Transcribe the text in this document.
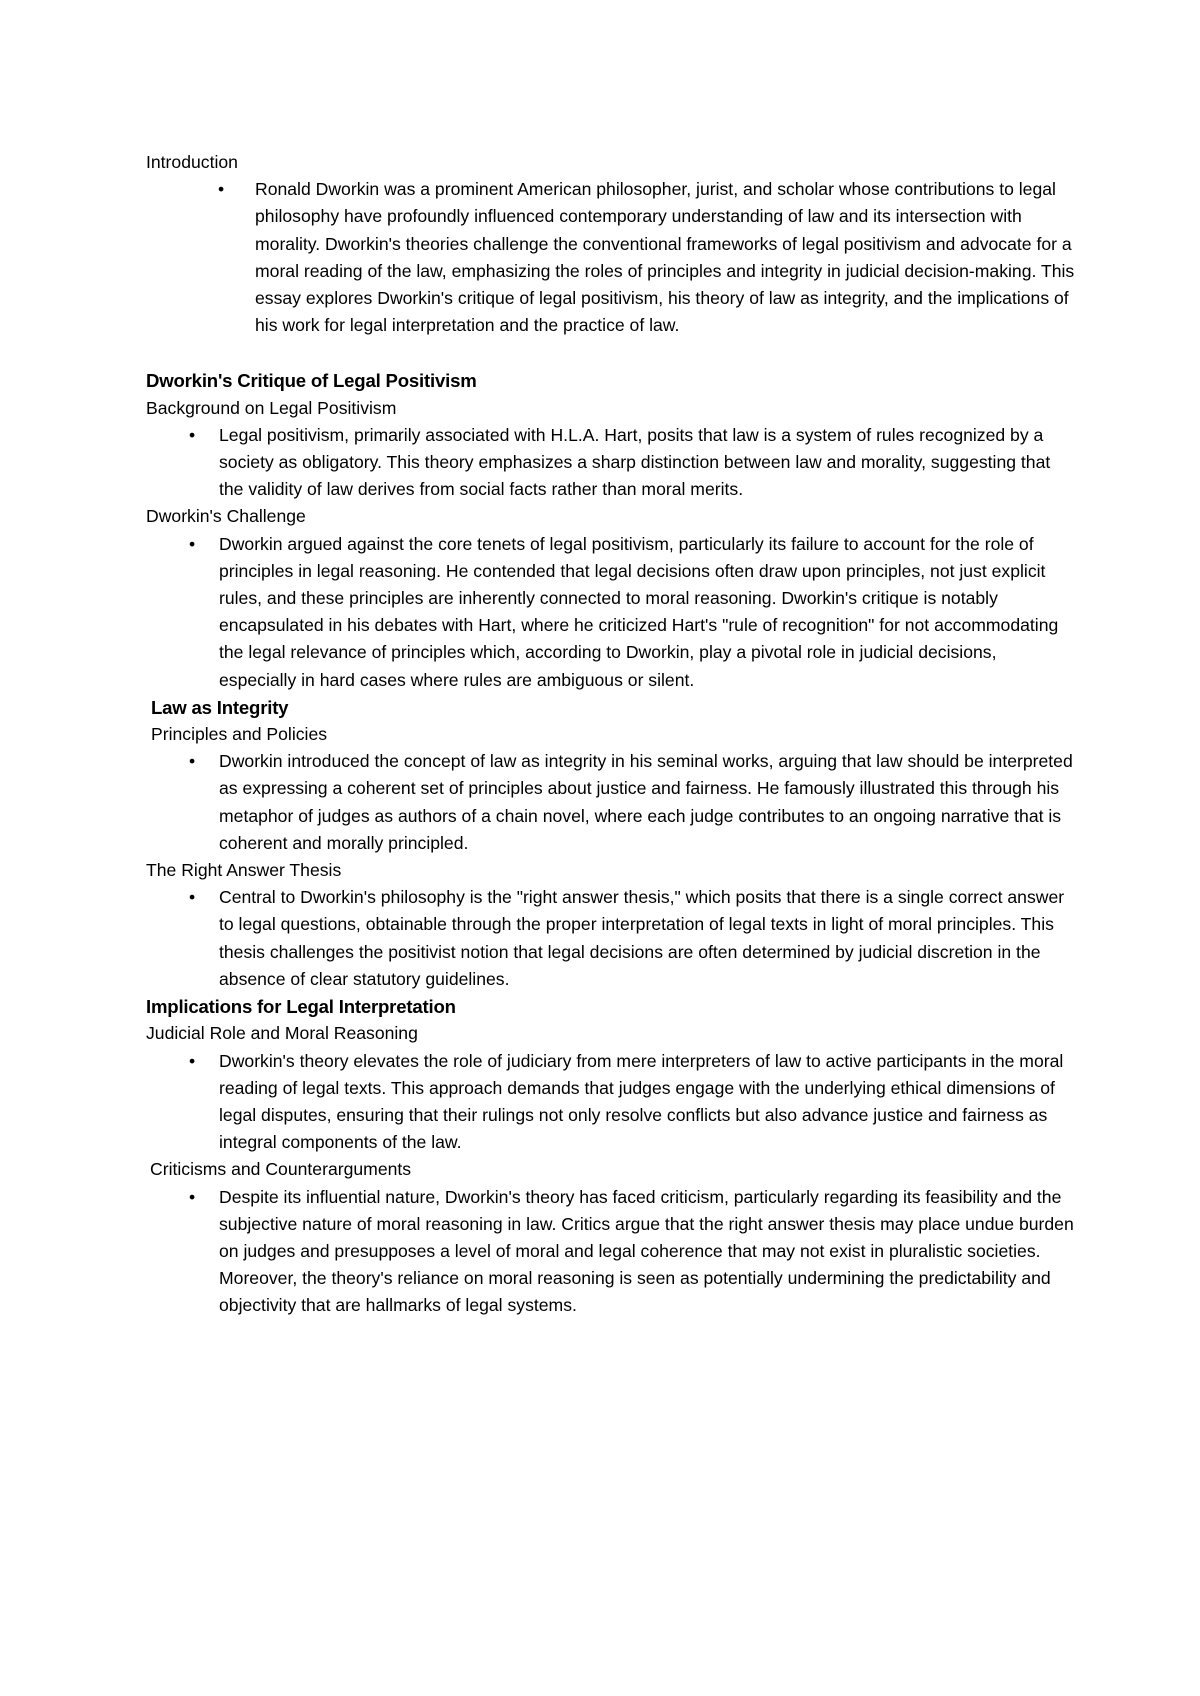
Introduction
• Ronald Dworkin was a prominent American philosopher, jurist, and scholar whose contributions to legal philosophy have profoundly influenced contemporary understanding of law and its intersection with morality. Dworkin's theories challenge the conventional frameworks of legal positivism and advocate for a moral reading of the law, emphasizing the roles of principles and integrity in judicial decision-making. This essay explores Dworkin's critique of legal positivism, his theory of law as integrity, and the implications of his work for legal interpretation and the practice of law.
Dworkin's Critique of Legal Positivism
Background on Legal Positivism
• Legal positivism, primarily associated with H.L.A. Hart, posits that law is a system of rules recognized by a society as obligatory. This theory emphasizes a sharp distinction between law and morality, suggesting that the validity of law derives from social facts rather than moral merits.
Dworkin's Challenge
• Dworkin argued against the core tenets of legal positivism, particularly its failure to account for the role of principles in legal reasoning. He contended that legal decisions often draw upon principles, not just explicit rules, and these principles are inherently connected to moral reasoning. Dworkin's critique is notably encapsulated in his debates with Hart, where he criticized Hart's "rule of recognition" for not accommodating the legal relevance of principles which, according to Dworkin, play a pivotal role in judicial decisions, especially in hard cases where rules are ambiguous or silent.
Law as Integrity
Principles and Policies
• Dworkin introduced the concept of law as integrity in his seminal works, arguing that law should be interpreted as expressing a coherent set of principles about justice and fairness. He famously illustrated this through his metaphor of judges as authors of a chain novel, where each judge contributes to an ongoing narrative that is coherent and morally principled.
The Right Answer Thesis
• Central to Dworkin's philosophy is the "right answer thesis," which posits that there is a single correct answer to legal questions, obtainable through the proper interpretation of legal texts in light of moral principles. This thesis challenges the positivist notion that legal decisions are often determined by judicial discretion in the absence of clear statutory guidelines.
Implications for Legal Interpretation
Judicial Role and Moral Reasoning
• Dworkin's theory elevates the role of judiciary from mere interpreters of law to active participants in the moral reading of legal texts. This approach demands that judges engage with the underlying ethical dimensions of legal disputes, ensuring that their rulings not only resolve conflicts but also advance justice and fairness as integral components of the law.
Criticisms and Counterarguments
• Despite its influential nature, Dworkin's theory has faced criticism, particularly regarding its feasibility and the subjective nature of moral reasoning in law. Critics argue that the right answer thesis may place undue burden on judges and presupposes a level of moral and legal coherence that may not exist in pluralistic societies. Moreover, the theory's reliance on moral reasoning is seen as potentially undermining the predictability and objectivity that are hallmarks of legal systems.
